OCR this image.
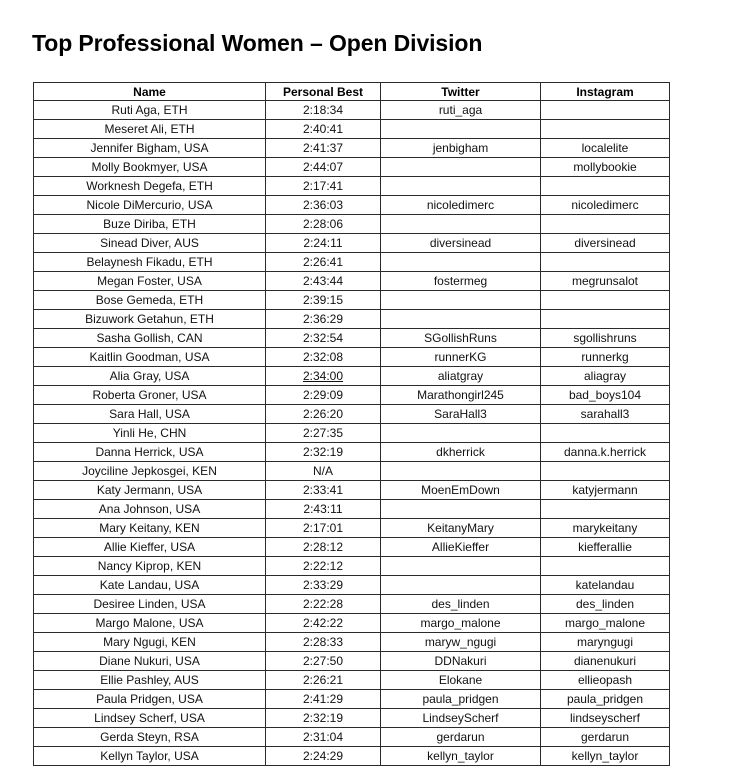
Top Professional Women – Open Division
Name	Personal Best	Twitter	Instagram
Ruti Aga, ETH	2:18:34	ruti_aga	
Meseret Ali, ETH	2:40:41		
Jennifer Bigham, USA	2:41:37	jenbigham	localelite
Molly Bookmyer, USA	2:44:07		mollybookie
Worknesh Degefa, ETH	2:17:41		
Nicole DiMercurio, USA	2:36:03	nicoledimerc	nicoledimerc
Buze Diriba, ETH	2:28:06		
Sinead Diver, AUS	2:24:11	diversinead	diversinead
Belaynesh Fikadu, ETH	2:26:41		
Megan Foster, USA	2:43:44	fostermeg	megrunsalot
Bose Gemeda, ETH	2:39:15		
Bizuwork Getahun, ETH	2:36:29		
Sasha Gollish, CAN	2:32:54	SGollishRuns	sgollishruns
Kaitlin Goodman, USA	2:32:08	runnerKG	runnerkg
Alia Gray, USA	2:34:00	aliatgray	aliagray
Roberta Groner, USA	2:29:09	Marathongirl245	bad_boys104
Sara Hall, USA	2:26:20	SaraHall3	sarahall3
Yinli He, CHN	2:27:35		
Danna Herrick, USA	2:32:19	dkherrick	danna.k.herrick
Joyciline Jepkosgei, KEN	N/A		
Katy Jermann, USA	2:33:41	MoenEmDown	katyjermann
Ana Johnson, USA	2:43:11		
Mary Keitany, KEN	2:17:01	KeitanyMary	marykeitany
Allie Kieffer, USA	2:28:12	AllieKieffer	kiefferallie
Nancy Kiprop, KEN	2:22:12		
Kate Landau, USA	2:33:29		katelandau
Desiree Linden, USA	2:22:28	des_linden	des_linden
Margo Malone, USA	2:42:22	margo_malone	margo_malone
Mary Ngugi, KEN	2:28:33	maryw_ngugi	maryngugi
Diane Nukuri, USA	2:27:50	DDNakuri	dianenukuri
Ellie Pashley, AUS	2:26:21	Elokane	ellieopash
Paula Pridgen, USA	2:41:29	paula_pridgen	paula_pridgen
Lindsey Scherf, USA	2:32:19	LindseyScherf	lindseyscherf
Gerda Steyn, RSA	2:31:04	gerdarun	gerdarun
Kellyn Taylor, USA	2:24:29	kellyn_taylor	kellyn_taylor
